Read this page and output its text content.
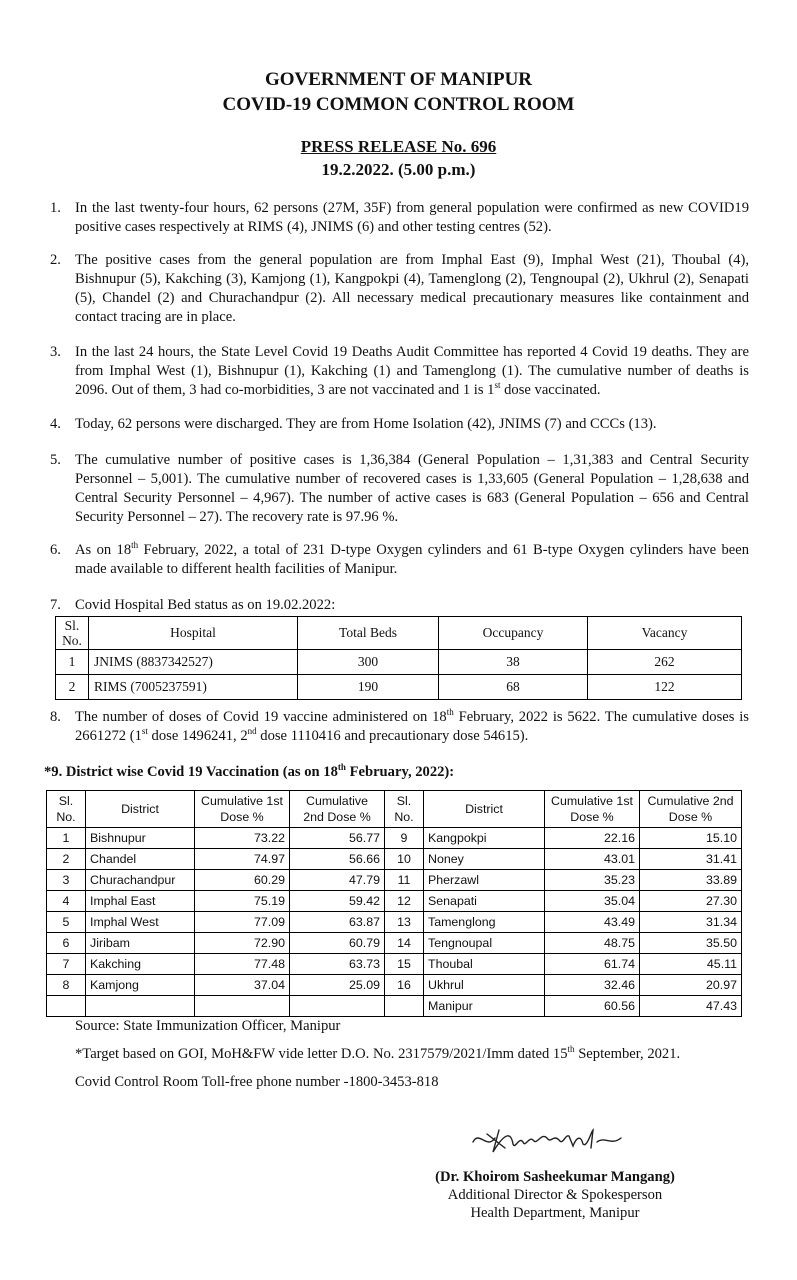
GOVERNMENT OF MANIPUR
COVID-19 COMMON CONTROL ROOM
PRESS RELEASE No. 696
19.2.2022. (5.00 p.m.)
1. In the last twenty-four hours, 62 persons (27M, 35F) from general population were confirmed as new COVID19 positive cases respectively at RIMS (4), JNIMS (6) and other testing centres (52).
2. The positive cases from the general population are from Imphal East (9), Imphal West (21), Thoubal (4), Bishnupur (5), Kakching (3), Kamjong (1), Kangpokpi (4), Tamenglong (2), Tengnoupal (2), Ukhrul (2), Senapati (5), Chandel (2) and Churachandpur (2). All necessary medical precautionary measures like containment and contact tracing are in place.
3. In the last 24 hours, the State Level Covid 19 Deaths Audit Committee has reported 4 Covid 19 deaths. They are from Imphal West (1), Bishnupur (1), Kakching (1) and Tamenglong (1). The cumulative number of deaths is 2096. Out of them, 3 had co-morbidities, 3 are not vaccinated and 1 is 1st dose vaccinated.
4. Today, 62 persons were discharged. They are from Home Isolation (42), JNIMS (7) and CCCs (13).
5. The cumulative number of positive cases is 1,36,384 (General Population – 1,31,383 and Central Security Personnel – 5,001). The cumulative number of recovered cases is 1,33,605 (General Population – 1,28,638 and Central Security Personnel – 4,967). The number of active cases is 683 (General Population – 656 and Central Security Personnel – 27). The recovery rate is 97.96 %.
6. As on 18th February, 2022, a total of 231 D-type Oxygen cylinders and 61 B-type Oxygen cylinders have been made available to different health facilities of Manipur.
7. Covid Hospital Bed status as on 19.02.2022:
Sl. No.	Hospital	Total Beds	Occupancy	Vacancy
1	JNIMS (8837342527)	300	38	262
2	RIMS (7005237591)	190	68	122
8. The number of doses of Covid 19 vaccine administered on 18th February, 2022 is 5622. The cumulative doses is 2661272 (1st dose 1496241, 2nd dose 1110416 and precautionary dose 54615).
*9. District wise Covid 19 Vaccination (as on 18th February, 2022):
Sl. No.	District	Cumulative 1st Dose %	Cumulative 2nd Dose %	Sl. No.	District	Cumulative 1st Dose %	Cumulative 2nd Dose %
1	Bishnupur	73.22	56.77	9	Kangpokpi	22.16	15.10
2	Chandel	74.97	56.66	10	Noney	43.01	31.41
3	Churachandpur	60.29	47.79	11	Pherzawl	35.23	33.89
4	Imphal East	75.19	59.42	12	Senapati	35.04	27.30
5	Imphal West	77.09	63.87	13	Tamenglong	43.49	31.34
6	Jiribam	72.90	60.79	14	Tengnoupal	48.75	35.50
7	Kakching	77.48	63.73	15	Thoubal	61.74	45.11
8	Kamjong	37.04	25.09	16	Ukhrul	32.46	20.97
					Manipur	60.56	47.43
Source: State Immunization Officer, Manipur
*Target based on GOI, MoH&FW vide letter D.O. No. 2317579/2021/Imm dated 15th September, 2021.
Covid Control Room Toll-free phone number -1800-3453-818
(Dr. Khoirom Sasheekumar Mangang)
Additional Director & Spokesperson
Health Department, Manipur
